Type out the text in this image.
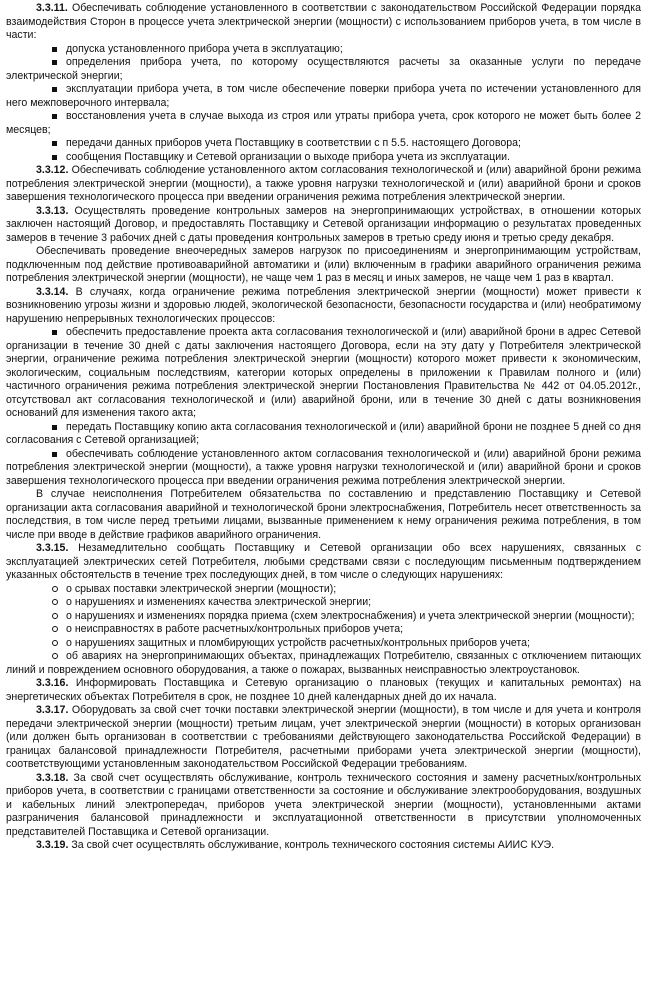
3.3.11. Обеспечивать соблюдение установленного в соответствии с законодательством Российской Федерации порядка взаимодействия Сторон в процессе учета электрической энергии (мощности) с использованием приборов учета, в том числе в части:

допуска установленного прибора учета в эксплуатацию;

определения прибора учета, по которому осуществляются расчеты за оказанные услуги по передаче электрической энергии;

эксплуатации прибора учета, в том числе обеспечение поверки прибора учета по истечении установленного для него межповерочного интервала;

восстановления учета в случае выхода из строя или утраты прибора учета, срок которого не может быть более 2 месяцев;

передачи данных приборов учета Поставщику в соответствии с п 5.5. настоящего Договора;

сообщения Поставщику и Сетевой организации о выходе прибора учета из эксплуатации.

3.3.12. Обеспечивать соблюдение установленного актом согласования технологической и (или) аварийной брони режима потребления электрической энергии (мощности), а также уровня нагрузки технологической и (или) аварийной брони и сроков завершения технологического процесса при введении ограничения режима потребления электрической энергии.

3.3.13. Осуществлять проведение контрольных замеров на энергопринимающих устройствах, в отношении которых заключен настоящий Договор, и предоставлять Поставщику и Сетевой организации информацию о результатах проведенных замеров в течение 3 рабочих дней с даты проведения контрольных замеров в третью среду июня и третью среду декабря.

Обеспечивать проведение внеочередных замеров нагрузок по присоединениям и энергопринимающим устройствам, подключенным под действие противоаварийной автоматики и (или) включенным в графики аварийного ограничения режима потребления электрической энергии (мощности), не чаще чем 1 раз в месяц и иных замеров, не чаще чем 1 раз в квартал.

3.3.14. В случаях, когда ограничение режима потребления электрической энергии (мощности) может привести к возникновению угрозы жизни и здоровью людей, экологической безопасности, безопасности государства и (или) необратимому нарушению непрерывных технологических процессов:

обеспечить предоставление проекта акта согласования технологической и (или) аварийной брони в адрес Сетевой организации в течение 30 дней с даты заключения настоящего Договора, если на эту дату у Потребителя электрической энергии, ограничение режима потребления электрической энергии (мощности) которого может привести к экономическим, экологическим, социальным последствиям, категории которых определены в приложении к Правилам полного и (или) частичного ограничения режима потребления электрической энергии Постановления Правительства № 442 от 04.05.2012г., отсутствовал акт согласования технологической и (или) аварийной брони, или в течение 30 дней с даты возникновения оснований для изменения такого акта;

передать Поставщику копию акта согласования технологической и (или) аварийной брони не позднее 5 дней со дня согласования с Сетевой организацией;

обеспечивать соблюдение установленного актом согласования технологической и (или) аварийной брони режима потребления электрической энергии (мощности), а также уровня нагрузки технологической и (или) аварийной брони и сроков завершения технологического процесса при введении ограничения режима потребления электрической энергии.

В случае неисполнения Потребителем обязательства по составлению и представлению Поставщику и Сетевой организации акта согласования аварийной и технологической брони электроснабжения, Потребитель несет ответственность за последствия, в том числе перед третьими лицами, вызванные применением к нему ограничения режима потребления, в том числе при вводе в действие графиков аварийного ограничения.

3.3.15. Незамедлительно сообщать Поставщику и Сетевой организации обо всех нарушениях, связанных с эксплуатацией электрических сетей Потребителя, любыми средствами связи с последующим письменным подтверждением указанных обстоятельств в течение трех последующих дней, в том числе о следующих нарушениях:

о срывах поставки электрической энергии (мощности);

о нарушениях и изменениях качества электрической энергии;

о нарушениях и изменениях порядка приема (схем электроснабжения) и учета электрической энергии (мощности);

о неисправностях в работе расчетных/контрольных приборов учета;

о нарушениях защитных и пломбирующих устройств расчетных/контрольных приборов учета;

об авариях на энергопринимающих объектах, принадлежащих Потребителю, связанных с отключением питающих линий и повреждением основного оборудования, а также о пожарах, вызванных неисправностью электроустановок.

3.3.16. Информировать Поставщика и Сетевую организацию о плановых (текущих и капитальных ремонтах) на энергетических объектах Потребителя в срок, не позднее 10 дней календарных дней до их начала.

3.3.17. Оборудовать за свой счет точки поставки электрической энергии (мощности), в том числе и для учета и контроля передачи электрической энергии (мощности) третьим лицам, учет электрической энергии (мощности) в которых организован (или должен быть организован в соответствии с требованиями действующего законодательства Российской Федерации) в границах балансовой принадлежности Потребителя, расчетными приборами учета электрической энергии (мощности), соответствующими установленным законодательством Российской Федерации требованиям.

3.3.18. За свой счет осуществлять обслуживание, контроль технического состояния и замену расчетных/контрольных приборов учета, в соответствии с границами ответственности за состояние и обслуживание электрооборудования, воздушных и кабельных линий электропередач, приборов учета электрической энергии (мощности), установленными актами разграничения балансовой принадлежности и эксплуатационной ответственности в присутствии уполномоченных представителей Поставщика и Сетевой организации.

3.3.19. За свой счет осуществлять обслуживание, контроль технического состояния системы АИИС КУЭ.
